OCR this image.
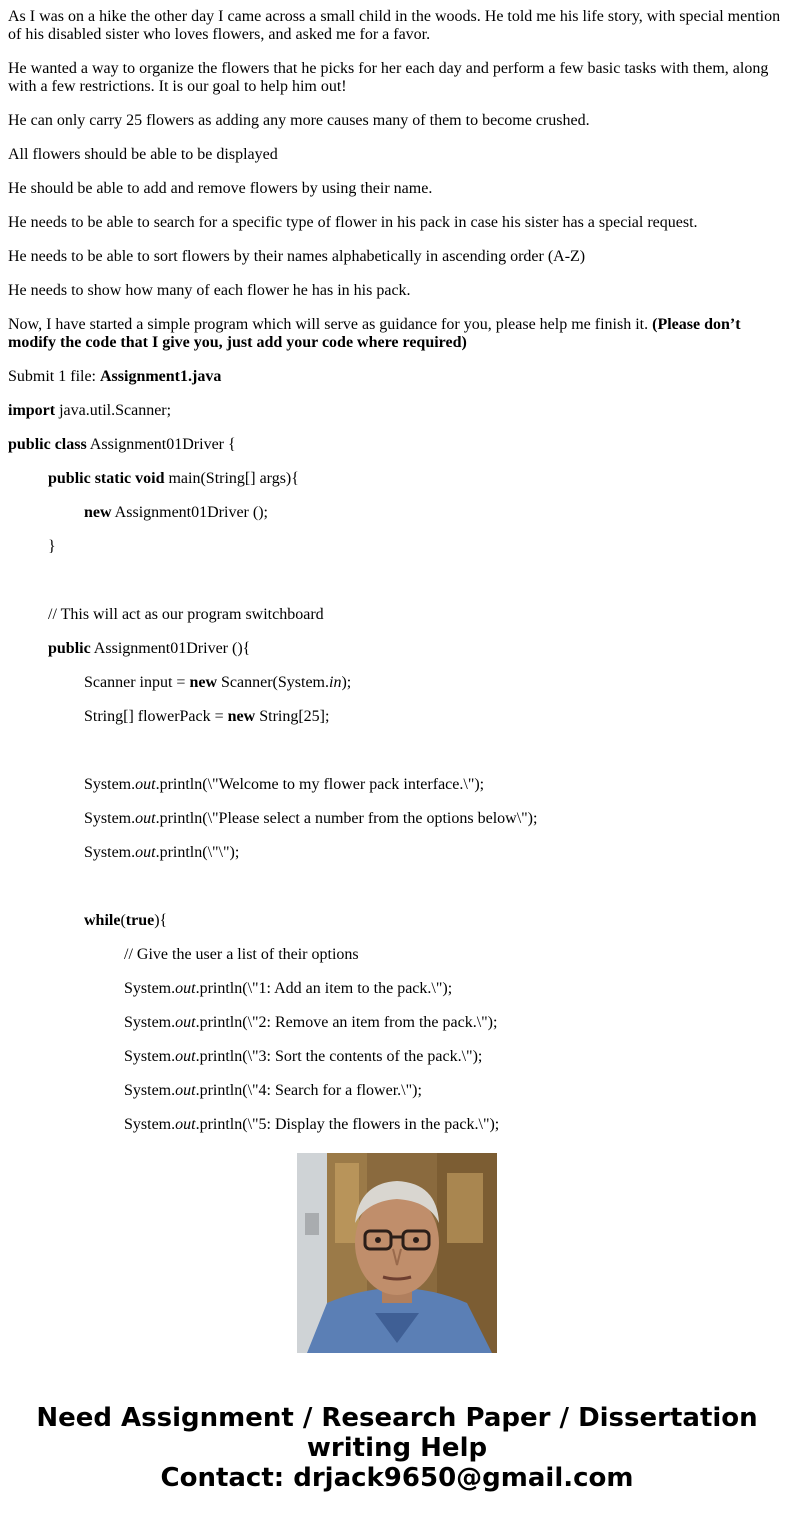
As I was on a hike the other day I came across a small child in the woods. He told me his life story, with special mention of his disabled sister who loves flowers, and asked me for a favor.

He wanted a way to organize the flowers that he picks for her each day and perform a few basic tasks with them, along with a few restrictions. It is our goal to help him out!

He can only carry 25 flowers as adding any more causes many of them to become crushed.

All flowers should be able to be displayed

He should be able to add and remove flowers by using their name.

He needs to be able to search for a specific type of flower in his pack in case his sister has a special request.

He needs to be able to sort flowers by their names alphabetically in ascending order (A-Z)

He needs to show how many of each flower he has in his pack.

Now, I have started a simple program which will serve as guidance for you, please help me finish it. (Please don’t modify the code that I give you, just add your code where required)

Submit 1 file: Assignment1.java

import java.util.Scanner;

public class Assignment01Driver {

public static void main(String[] args){

new Assignment01Driver ();

}

// This will act as our program switchboard

public Assignment01Driver (){

Scanner input = new Scanner(System.in);

String[] flowerPack = new String[25];

System.out.println(\"Welcome to my flower pack interface.\");

System.out.println(\"Please select a number from the options below\");

System.out.println(\"\");

while(true){

// Give the user a list of their options

System.out.println(\"1: Add an item to the pack.\");

System.out.println(\"2: Remove an item from the pack.\");

System.out.println(\"3: Sort the contents of the pack.\");

System.out.println(\"4: Search for a flower.\");

System.out.println(\"5: Display the flowers in the pack.\");

Need Assignment / Research Paper / Dissertation
writing Help
Contact: drjack9650@gmail.com
